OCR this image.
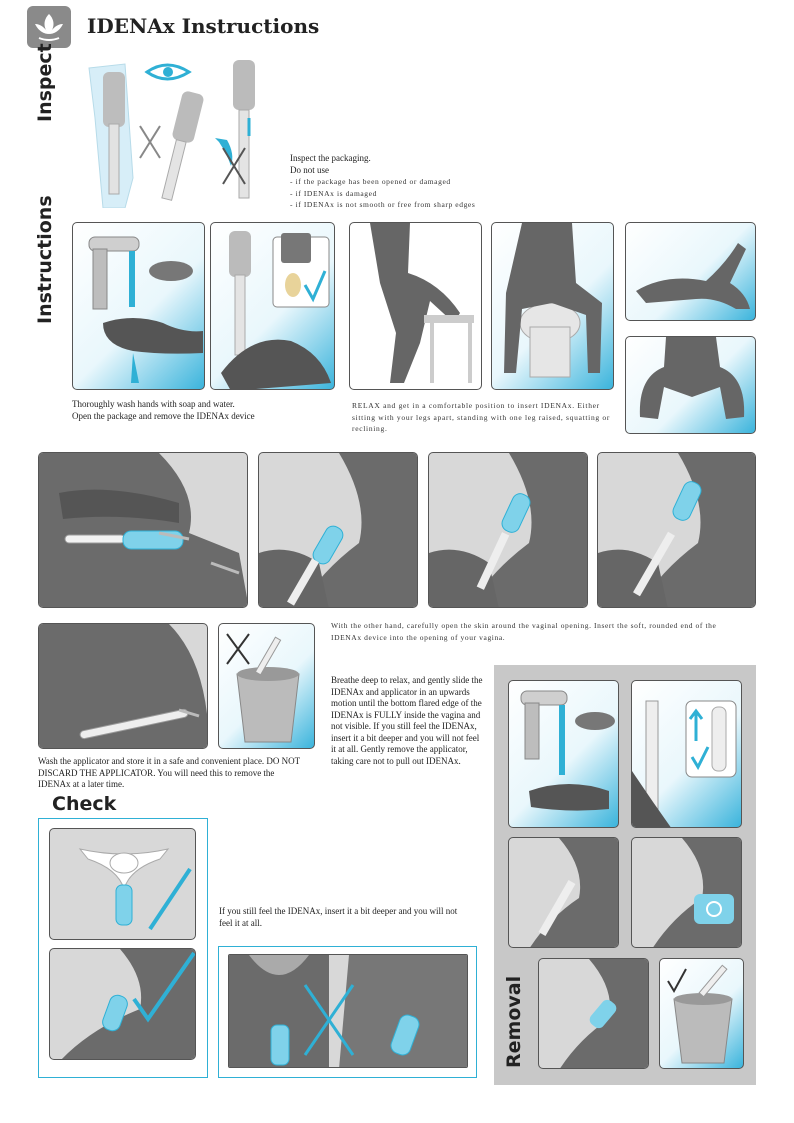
IDENAx Instructions
Inspect
Instructions
Check
Inspect the packaging.
Do not use
- if the package has been opened or damaged
- if IDENAx is damaged
- if IDENAx is not smooth or free from sharp edges
Thoroughly wash hands with soap and water.
Open the package and remove the IDENAx device
RELAX and get in a comfortable position to insert IDENAx. Either sitting with your legs apart, standing with one leg raised, squatting or reclining.
With the other hand, carefully open the skin around the vaginal opening. Insert the soft, rounded end of the IDENAx device into the opening of your vagina.
Wash the applicator and store it in a safe and convenient place. DO NOT DISCARD THE APPLICATOR. You will need this to remove the IDENAx at a later time.
Breathe deep to relax, and gently slide the IDENAx and applicator in an upwards motion until the bottom flared edge of the IDENAx is FULLY inside the vagina and not visible. If you still feel the IDENAx, insert it a bit deeper and you will not feel it at all. Gently remove the applicator, taking care not to pull out IDENAx.
Removal
If you still feel the IDENAx, insert it a bit deeper and you will not feel it at all.
